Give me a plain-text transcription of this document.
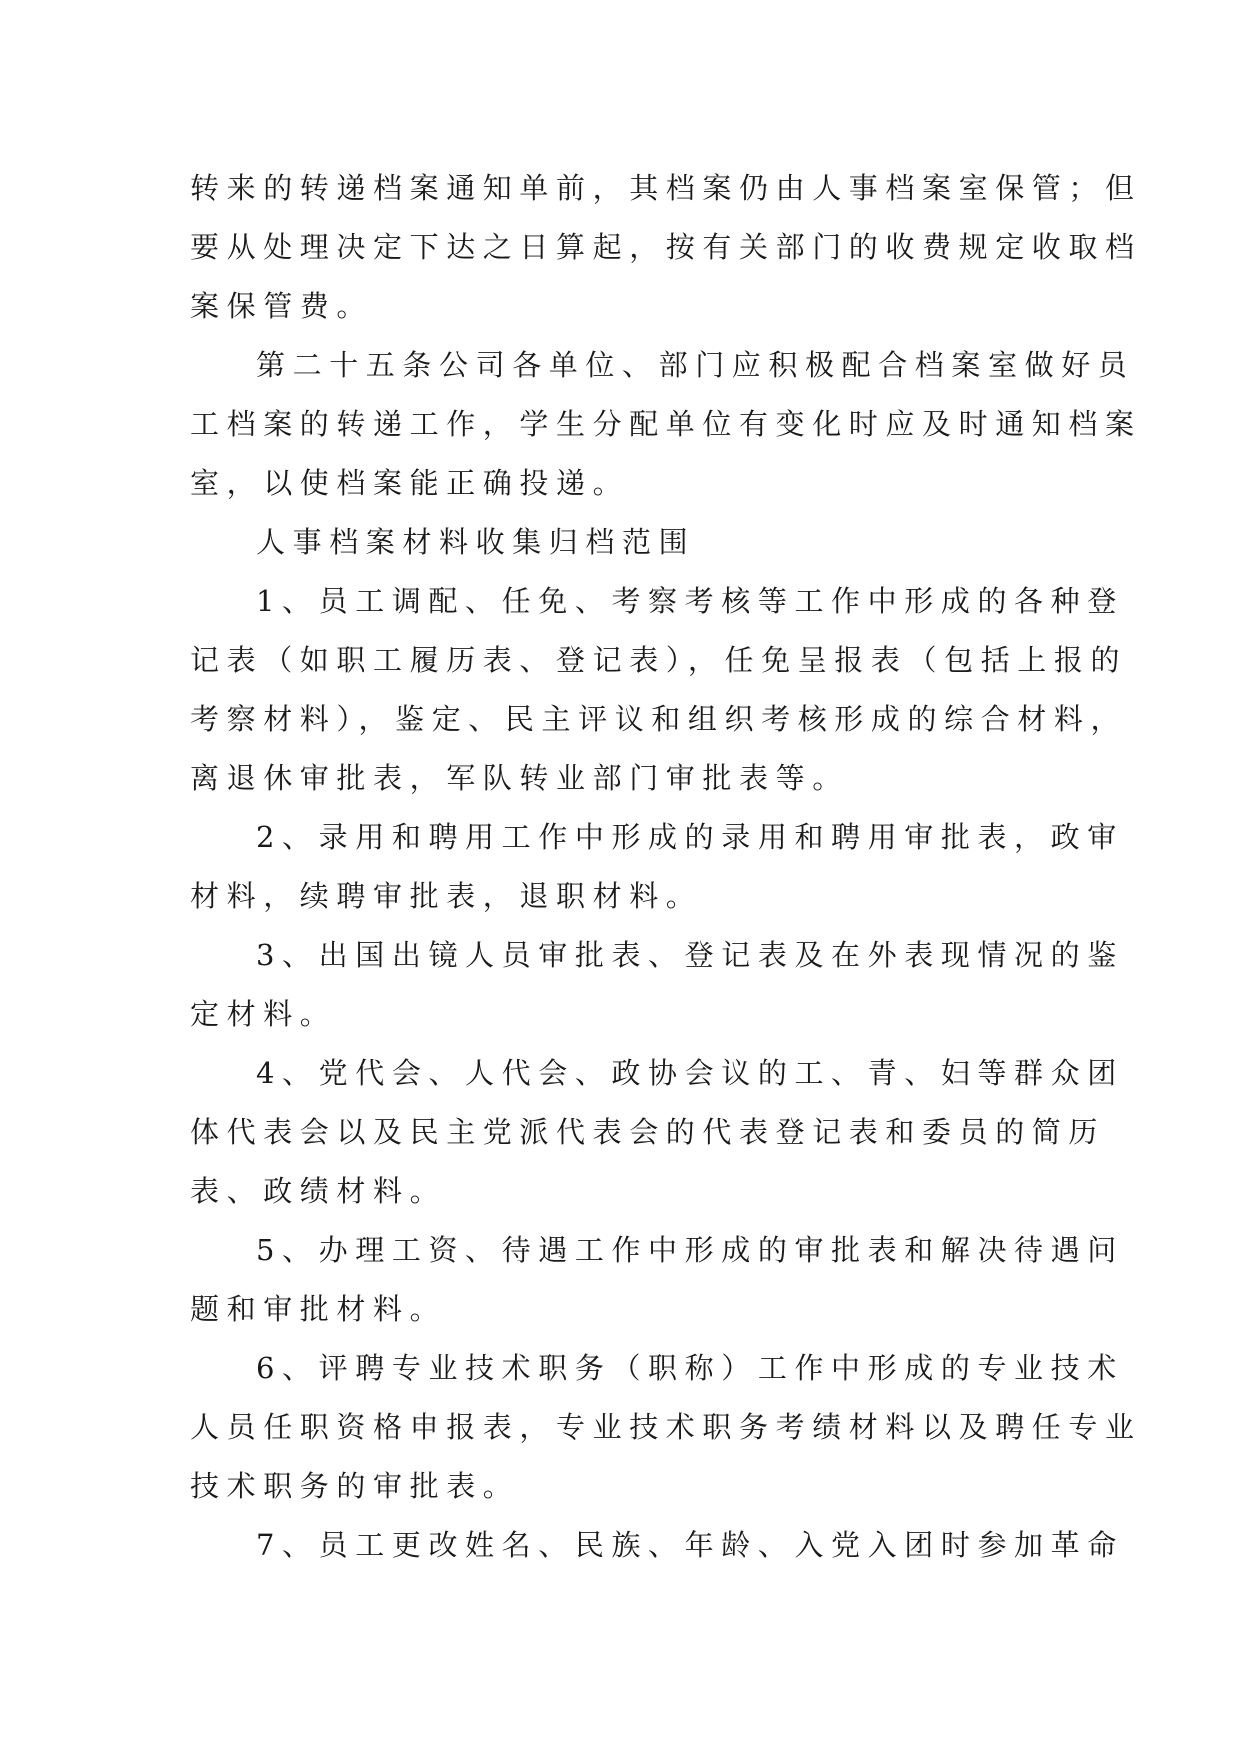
转来的转递档案通知单前，其档案仍由人事档案室保管；但
要从处理决定下达之日算起，按有关部门的收费规定收取档
案保管费。
第二十五条公司各单位、部门应积极配合档案室做好员
工档案的转递工作，学生分配单位有变化时应及时通知档案
室，以使档案能正确投递。
人事档案材料收集归档范围
1、员工调配、任免、考察考核等工作中形成的各种登
记表（如职工履历表、登记表），任免呈报表（包括上报的
考察材料），鉴定、民主评议和组织考核形成的综合材料，
离退休审批表，军队转业部门审批表等。
2、录用和聘用工作中形成的录用和聘用审批表，政审
材料，续聘审批表，退职材料。
3、出国出镜人员审批表、登记表及在外表现情况的鉴
定材料。
4、党代会、人代会、政协会议的工、青、妇等群众团
体代表会以及民主党派代表会的代表登记表和委员的简历
表、政绩材料。
5、办理工资、待遇工作中形成的审批表和解决待遇问
题和审批材料。
6、评聘专业技术职务（职称）工作中形成的专业技术
人员任职资格申报表，专业技术职务考绩材料以及聘任专业
技术职务的审批表。
7、员工更改姓名、民族、年龄、入党入团时参加革命
